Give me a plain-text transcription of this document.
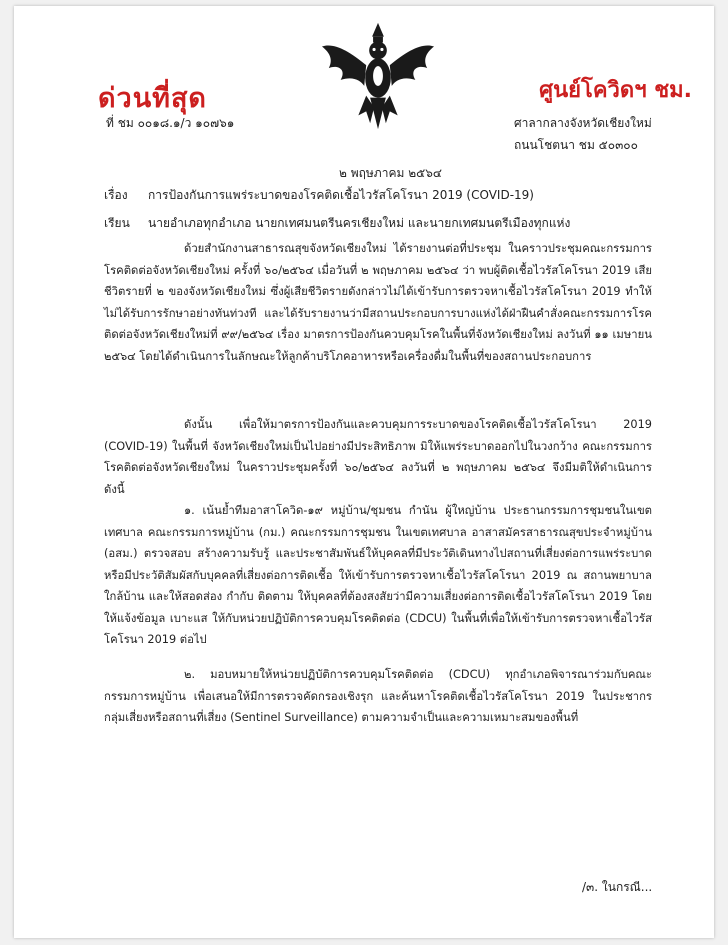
ด่วนที่สุด	ศูนย์โควิดฯ ชม.
ที่ ชม ๐๐๑๘.๑/ว ๑๐๗๖๑	ศาลากลางจังหวัดเชียงใหม่
ถนนโชตนา ชม ๕๐๓๐๐
๒ พฤษภาคม ๒๕๖๔
เรื่อง การป้องกันการแพร่ระบาดของโรคติดเชื้อไวรัสโคโรนา 2019 (COVID-19)
เรียน นายอำเภอทุกอำเภอ นายกเทศมนตรีนครเชียงใหม่ และนายกเทศมนตรีเมืองทุกแห่ง

ด้วยสำนักงานสาธารณสุขจังหวัดเชียงใหม่ ได้รายงานต่อที่ประชุม ในคราวประชุมคณะกรรมการโรคติดต่อจังหวัดเชียงใหม่ ครั้งที่ ๖๐/๒๕๖๔ เมื่อวันที่ ๒ พฤษภาคม ๒๕๖๔ ว่า พบผู้ติดเชื้อไวรัสโคโรนา 2019 เสียชีวิตรายที่ ๒ ของจังหวัดเชียงใหม่ ซึ่งผู้เสียชีวิตรายดังกล่าวไม่ได้เข้ารับการตรวจหาเชื้อไวรัสโคโรนา 2019 ทำให้ไม่ได้รับการรักษาอย่างทันท่วงที และได้รับรายงานว่ามีสถานประกอบการบางแห่งได้ฝ่าฝืนคำสั่งคณะกรรมการโรคติดต่อจังหวัดเชียงใหม่ที่ ๙๙/๒๕๖๔ เรื่อง มาตรการป้องกันควบคุมโรคในพื้นที่จังหวัดเชียงใหม่ ลงวันที่ ๑๑ เมษายน ๒๕๖๔ โดยได้ดำเนินการในลักษณะให้ลูกค้าบริโภคอาหารหรือเครื่องดื่มในพื้นที่ของสถานประกอบการ

ดังนั้น เพื่อให้มาตรการป้องกันและควบคุมการระบาดของโรคติดเชื้อไวรัสโคโรนา 2019 (COVID-19) ในพื้นที่ จังหวัดเชียงใหม่เป็นไปอย่างมีประสิทธิภาพ มิให้แพร่ระบาดออกไปในวงกว้าง คณะกรรมการโรคติดต่อจังหวัดเชียงใหม่ ในคราวประชุมครั้งที่ ๖๐/๒๕๖๔ ลงวันที่ ๒ พฤษภาคม ๒๕๖๔ จึงมีมติให้ดำเนินการ ดังนี้

๑. เน้นย้ำทีมอาสาโควิด-๑๙ หมู่บ้าน/ชุมชน กำนัน ผู้ใหญ่บ้าน ประธานกรรมการชุมชนในเขตเทศบาล คณะกรรมการหมู่บ้าน (กม.) คณะกรรมการชุมชน ในเขตเทศบาล อาสาสมัครสาธารณสุขประจำหมู่บ้าน (อสม.) ตรวจสอบ สร้างความรับรู้ และประชาสัมพันธ์ให้บุคคลที่มีประวัติเดินทางไปสถานที่เสี่ยงต่อการแพร่ระบาด หรือมีประวัติสัมผัสกับบุคคลที่เสี่ยงต่อการติดเชื้อ ให้เข้ารับการตรวจหาเชื้อไวรัสโคโรนา 2019 ณ สถานพยาบาลใกล้บ้าน และให้สอดส่อง กำกับ ติดตาม ให้บุคคลที่ต้องสงสัยว่ามีความเสี่ยงต่อการติดเชื้อไวรัสโคโรนา 2019 โดยให้แจ้งข้อมูล เบาะแส ให้กับหน่วยปฏิบัติการควบคุมโรคติดต่อ (CDCU) ในพื้นที่เพื่อให้เข้ารับการตรวจหาเชื้อไวรัสโคโรนา 2019 ต่อไป

๒. มอบหมายให้หน่วยปฏิบัติการควบคุมโรคติดต่อ (CDCU) ทุกอำเภอพิจารณาร่วมกับคณะกรรมการหมู่บ้าน เพื่อเสนอให้มีการตรวจคัดกรองเชิงรุก และค้นหาโรคติดเชื้อไวรัสโคโรนา 2019 ในประชากรกลุ่มเสี่ยงหรือสถานที่เสี่ยง (Sentinel Surveillance) ตามความจำเป็นและความเหมาะสมของพื้นที่

/๓. ในกรณี...
